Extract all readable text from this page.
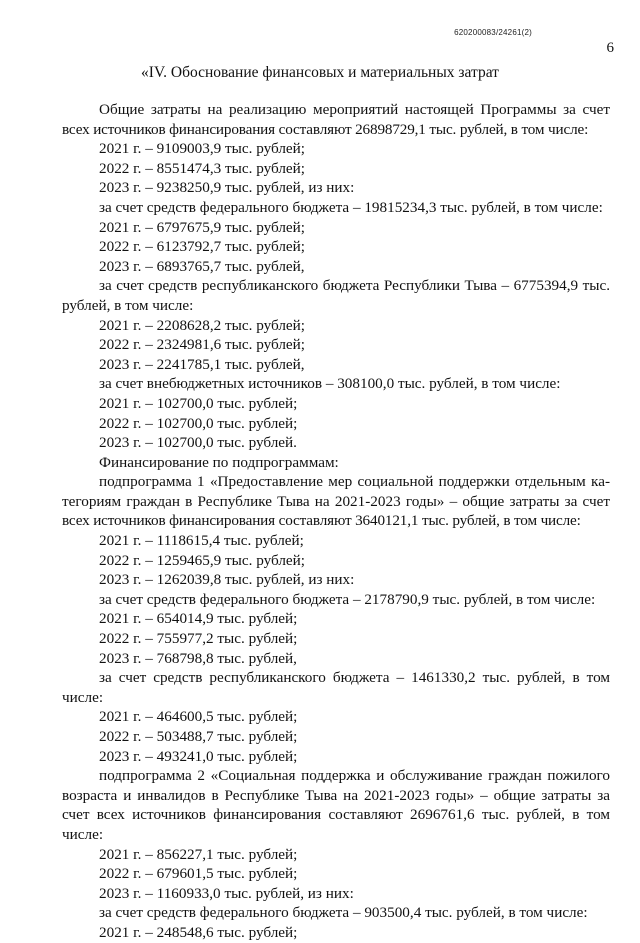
620200083/24261(2)
6
«IV. Обоснование финансовых и материальных затрат

Общие затраты на реализацию мероприятий настоящей Программы за счет

всех источников финансирования составляют 26898729,1 тыс. рублей, в том числе:

2021 г. – 9109003,9 тыс. рублей;

2022 г. – 8551474,3 тыс. рублей;

2023 г. – 9238250,9 тыс. рублей, из них:

за счет средств федерального бюджета – 19815234,3 тыс. рублей, в том числе:

2021 г. – 6797675,9 тыс. рублей;

2022 г. – 6123792,7 тыс. рублей;

2023 г. – 6893765,7 тыс. рублей,

за счет средств республиканского бюджета Республики Тыва – 6775394,9 тыс.

рублей, в том числе:

2021 г. – 2208628,2 тыс. рублей;

2022 г. – 2324981,6 тыс. рублей;

2023 г. – 2241785,1 тыс. рублей,

за счет внебюджетных источников – 308100,0 тыс. рублей, в том числе:

2021 г. – 102700,0 тыс. рублей;

2022 г. – 102700,0 тыс. рублей;

2023 г. – 102700,0 тыс. рублей.

Финансирование по подпрограммам:

подпрограмма 1 «Предоставление мер социальной поддержки отдельным ка-

тегориям граждан в Республике Тыва на 2021-2023 годы» – общие затраты за счет

всех источников финансирования составляют 3640121,1 тыс. рублей, в том числе:

2021 г. – 1118615,4 тыс. рублей;

2022 г. – 1259465,9 тыс. рублей;

2023 г. – 1262039,8 тыс. рублей, из них:

за счет средств федерального бюджета – 2178790,9 тыс. рублей, в том числе:

2021 г. – 654014,9 тыс. рублей;

2022 г. – 755977,2 тыс. рублей;

2023 г. – 768798,8 тыс. рублей,

за счет средств республиканского бюджета – 1461330,2 тыс. рублей, в том

числе:

2021 г. – 464600,5 тыс. рублей;

2022 г. – 503488,7 тыс. рублей;

2023 г. – 493241,0 тыс. рублей;

подпрограмма 2 «Социальная поддержка и обслуживание граждан пожилого

возраста и инвалидов в Республике Тыва на 2021-2023 годы» – общие затраты за

счет всех источников финансирования составляют 2696761,6 тыс. рублей, в том

числе:

2021 г. – 856227,1 тыс. рублей;

2022 г. – 679601,5 тыс. рублей;

2023 г. – 1160933,0 тыс. рублей, из них:

за счет средств федерального бюджета – 903500,4 тыс. рублей, в том числе:

2021 г. – 248548,6 тыс. рублей;
